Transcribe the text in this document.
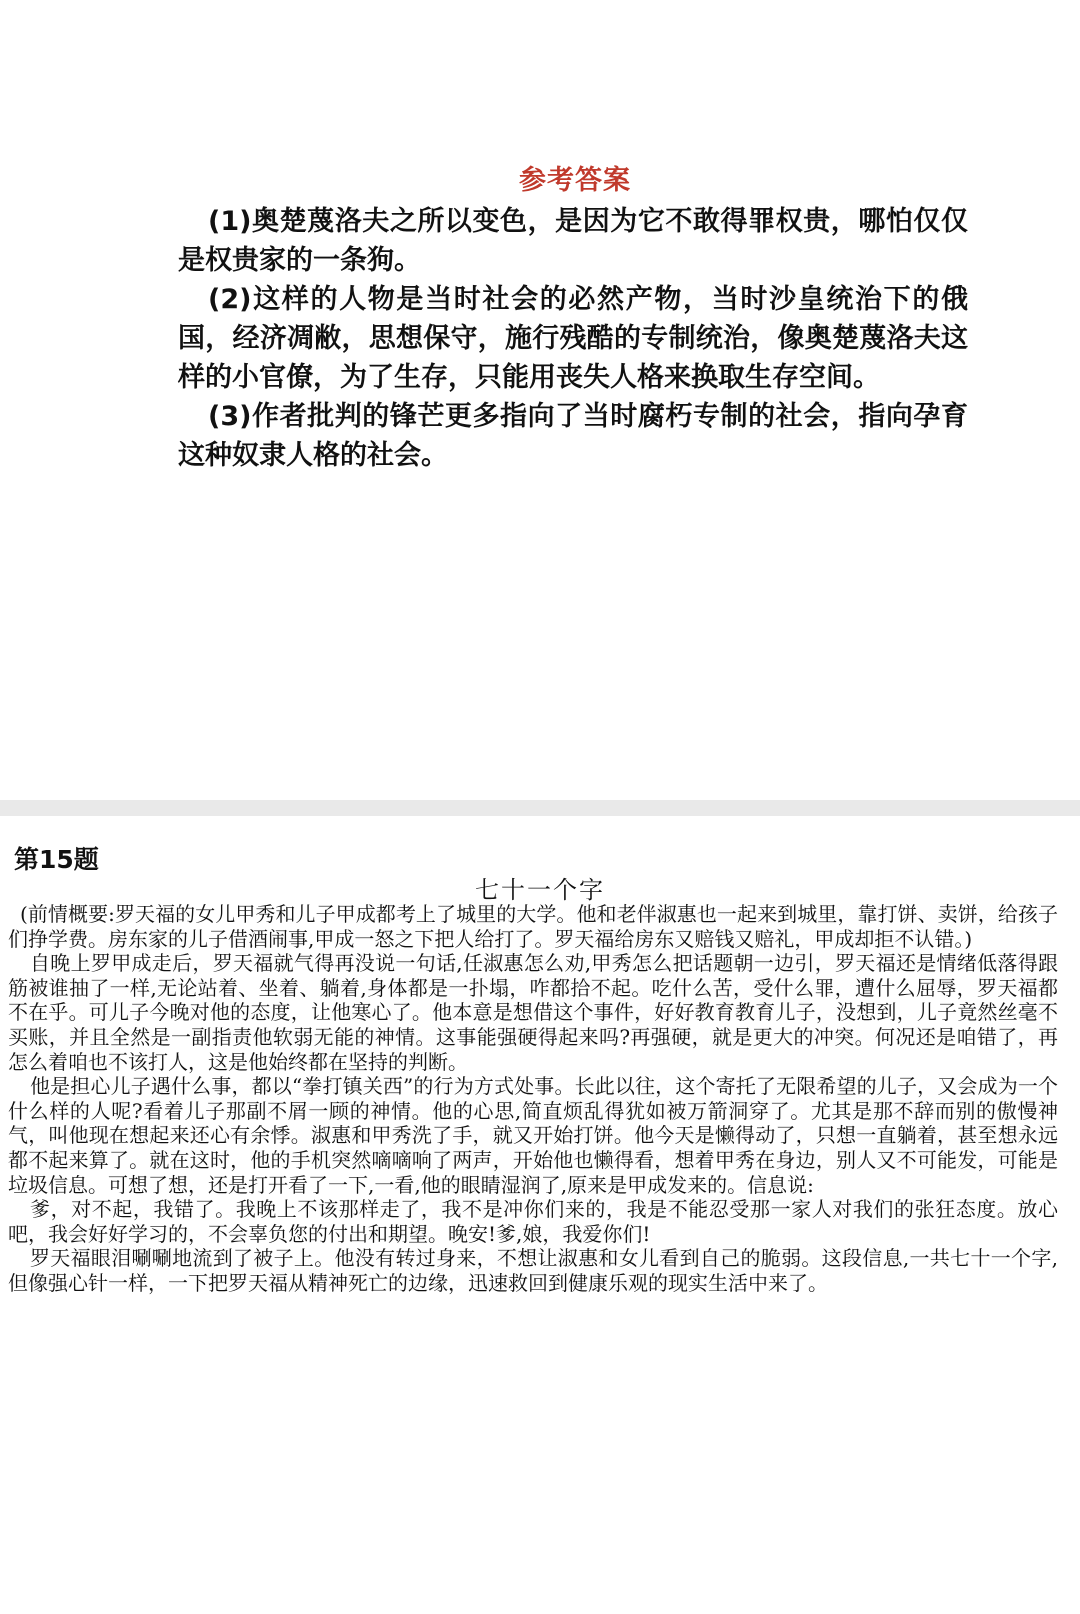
参考答案

(1)奥楚蔑洛夫之所以变色，是因为它不敢得罪权贵，哪怕仅仅是权贵家的一条狗。

(2)这样的人物是当时社会的必然产物，当时沙皇统治下的俄国，经济凋敝，思想保守，施行残酷的专制统治，像奥楚蔑洛夫这样的小官僚，为了生存，只能用丧失人格来换取生存空间。

(3)作者批判的锋芒更多指向了当时腐朽专制的社会，指向孕育这种奴隶人格的社会。

第15题
七十一个字

(前情概要:罗天福的女儿甲秀和儿子甲成都考上了城里的大学。他和老伴淑惠也一起来到城里，靠打饼、卖饼，给孩子们挣学费。房东家的儿子借酒闹事,甲成一怒之下把人给打了。罗天福给房东又赔钱又赔礼，甲成却拒不认错。)

自晚上罗甲成走后，罗天福就气得再没说一句话,任淑惠怎么劝,甲秀怎么把话题朝一边引，罗天福还是情绪低落得跟筋被谁抽了一样,无论站着、坐着、躺着,身体都是一扑塌，咋都拾不起。吃什么苦，受什么罪，遭什么屈辱，罗天福都不在乎。可儿子今晚对他的态度，让他寒心了。他本意是想借这个事件，好好教育教育儿子，没想到，儿子竟然丝毫不买账，并且全然是一副指责他软弱无能的神情。这事能强硬得起来吗?再强硬，就是更大的冲突。何况还是咱错了，再怎么着咱也不该打人，这是他始终都在坚持的判断。

他是担心儿子遇什么事，都以“拳打镇关西”的行为方式处事。长此以往，这个寄托了无限希望的儿子，又会成为一个什么样的人呢?看着儿子那副不屑一顾的神情。他的心思,简直烦乱得犹如被万箭洞穿了。尤其是那不辞而别的傲慢神气，叫他现在想起来还心有余悸。淑惠和甲秀洗了手，就又开始打饼。他今天是懒得动了，只想一直躺着，甚至想永远都不起来算了。就在这时，他的手机突然嘀嘀响了两声，开始他也懒得看，想着甲秀在身边，别人又不可能发，可能是垃圾信息。可想了想，还是打开看了一下,一看,他的眼睛湿润了,原来是甲成发来的。信息说:

爹，对不起，我错了。我晚上不该那样走了，我不是冲你们来的，我是不能忍受那一家人对我们的张狂态度。放心吧，我会好好学习的，不会辜负您的付出和期望。晚安!爹,娘，我爱你们!

罗天福眼泪唰唰地流到了被子上。他没有转过身来，不想让淑惠和女儿看到自己的脆弱。这段信息,一共七十一个字,但像强心针一样，一下把罗天福从精神死亡的边缘，迅速救回到健康乐观的现实生活中来了。
